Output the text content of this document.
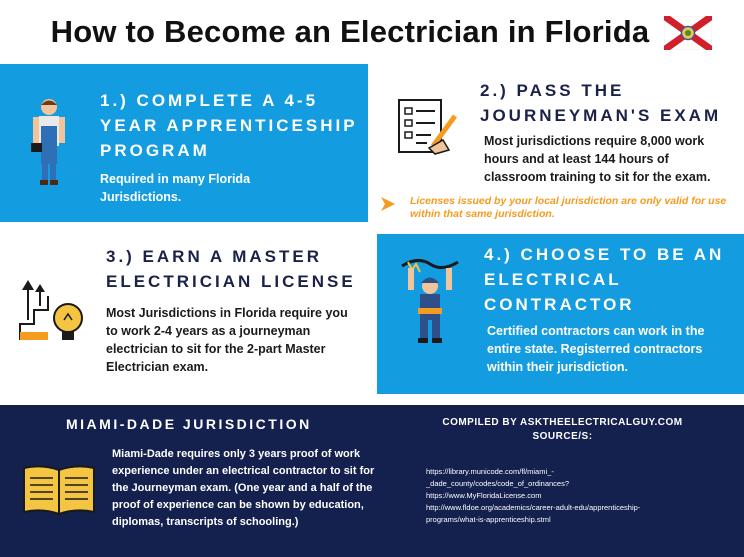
How to Become an Electrician in Florida
1.) COMPLETE A 4-5 YEAR APPRENTICESHIP PROGRAM
Required in many Florida Jurisdictions.
2.) PASS THE JOURNEYMAN'S EXAM
Most jurisdictions require 8,000 work hours and at least 144 hours of classroom training to sit for the exam.
Licenses issued by your local jurisdiction are only valid for use within that same jurisdiction.
3.) EARN A MASTER ELECTRICIAN LICENSE
Most Jurisdictions in Florida require you to work 2-4 years as a journeyman electrician to sit for the 2-part Master Electrician exam.
4.) CHOOSE TO BE AN ELECTRICAL CONTRACTOR
Certified contractors can work in the entire state. Registerred contractors within their jurisdiction.
MIAMI-DADE JURISDICTION
Miami-Dade requires only 3 years proof of work experience under an electrical contractor to sit for the Journeyman exam. (One year and a half of the proof of experience can be shown by education, diplomas, transcripts of schooling.)
COMPILED BY ASKTHEELECTRICALGUY.COM
SOURCE/S:
https://library.municode.com/fl/miami_-
_dade_county/codes/code_of_ordinances?
https://www.MyFloridaLicense.com
http://www.fldoe.org/academics/career-adult-edu/apprenticeship-
programs/what-is-apprenticeship.stml
